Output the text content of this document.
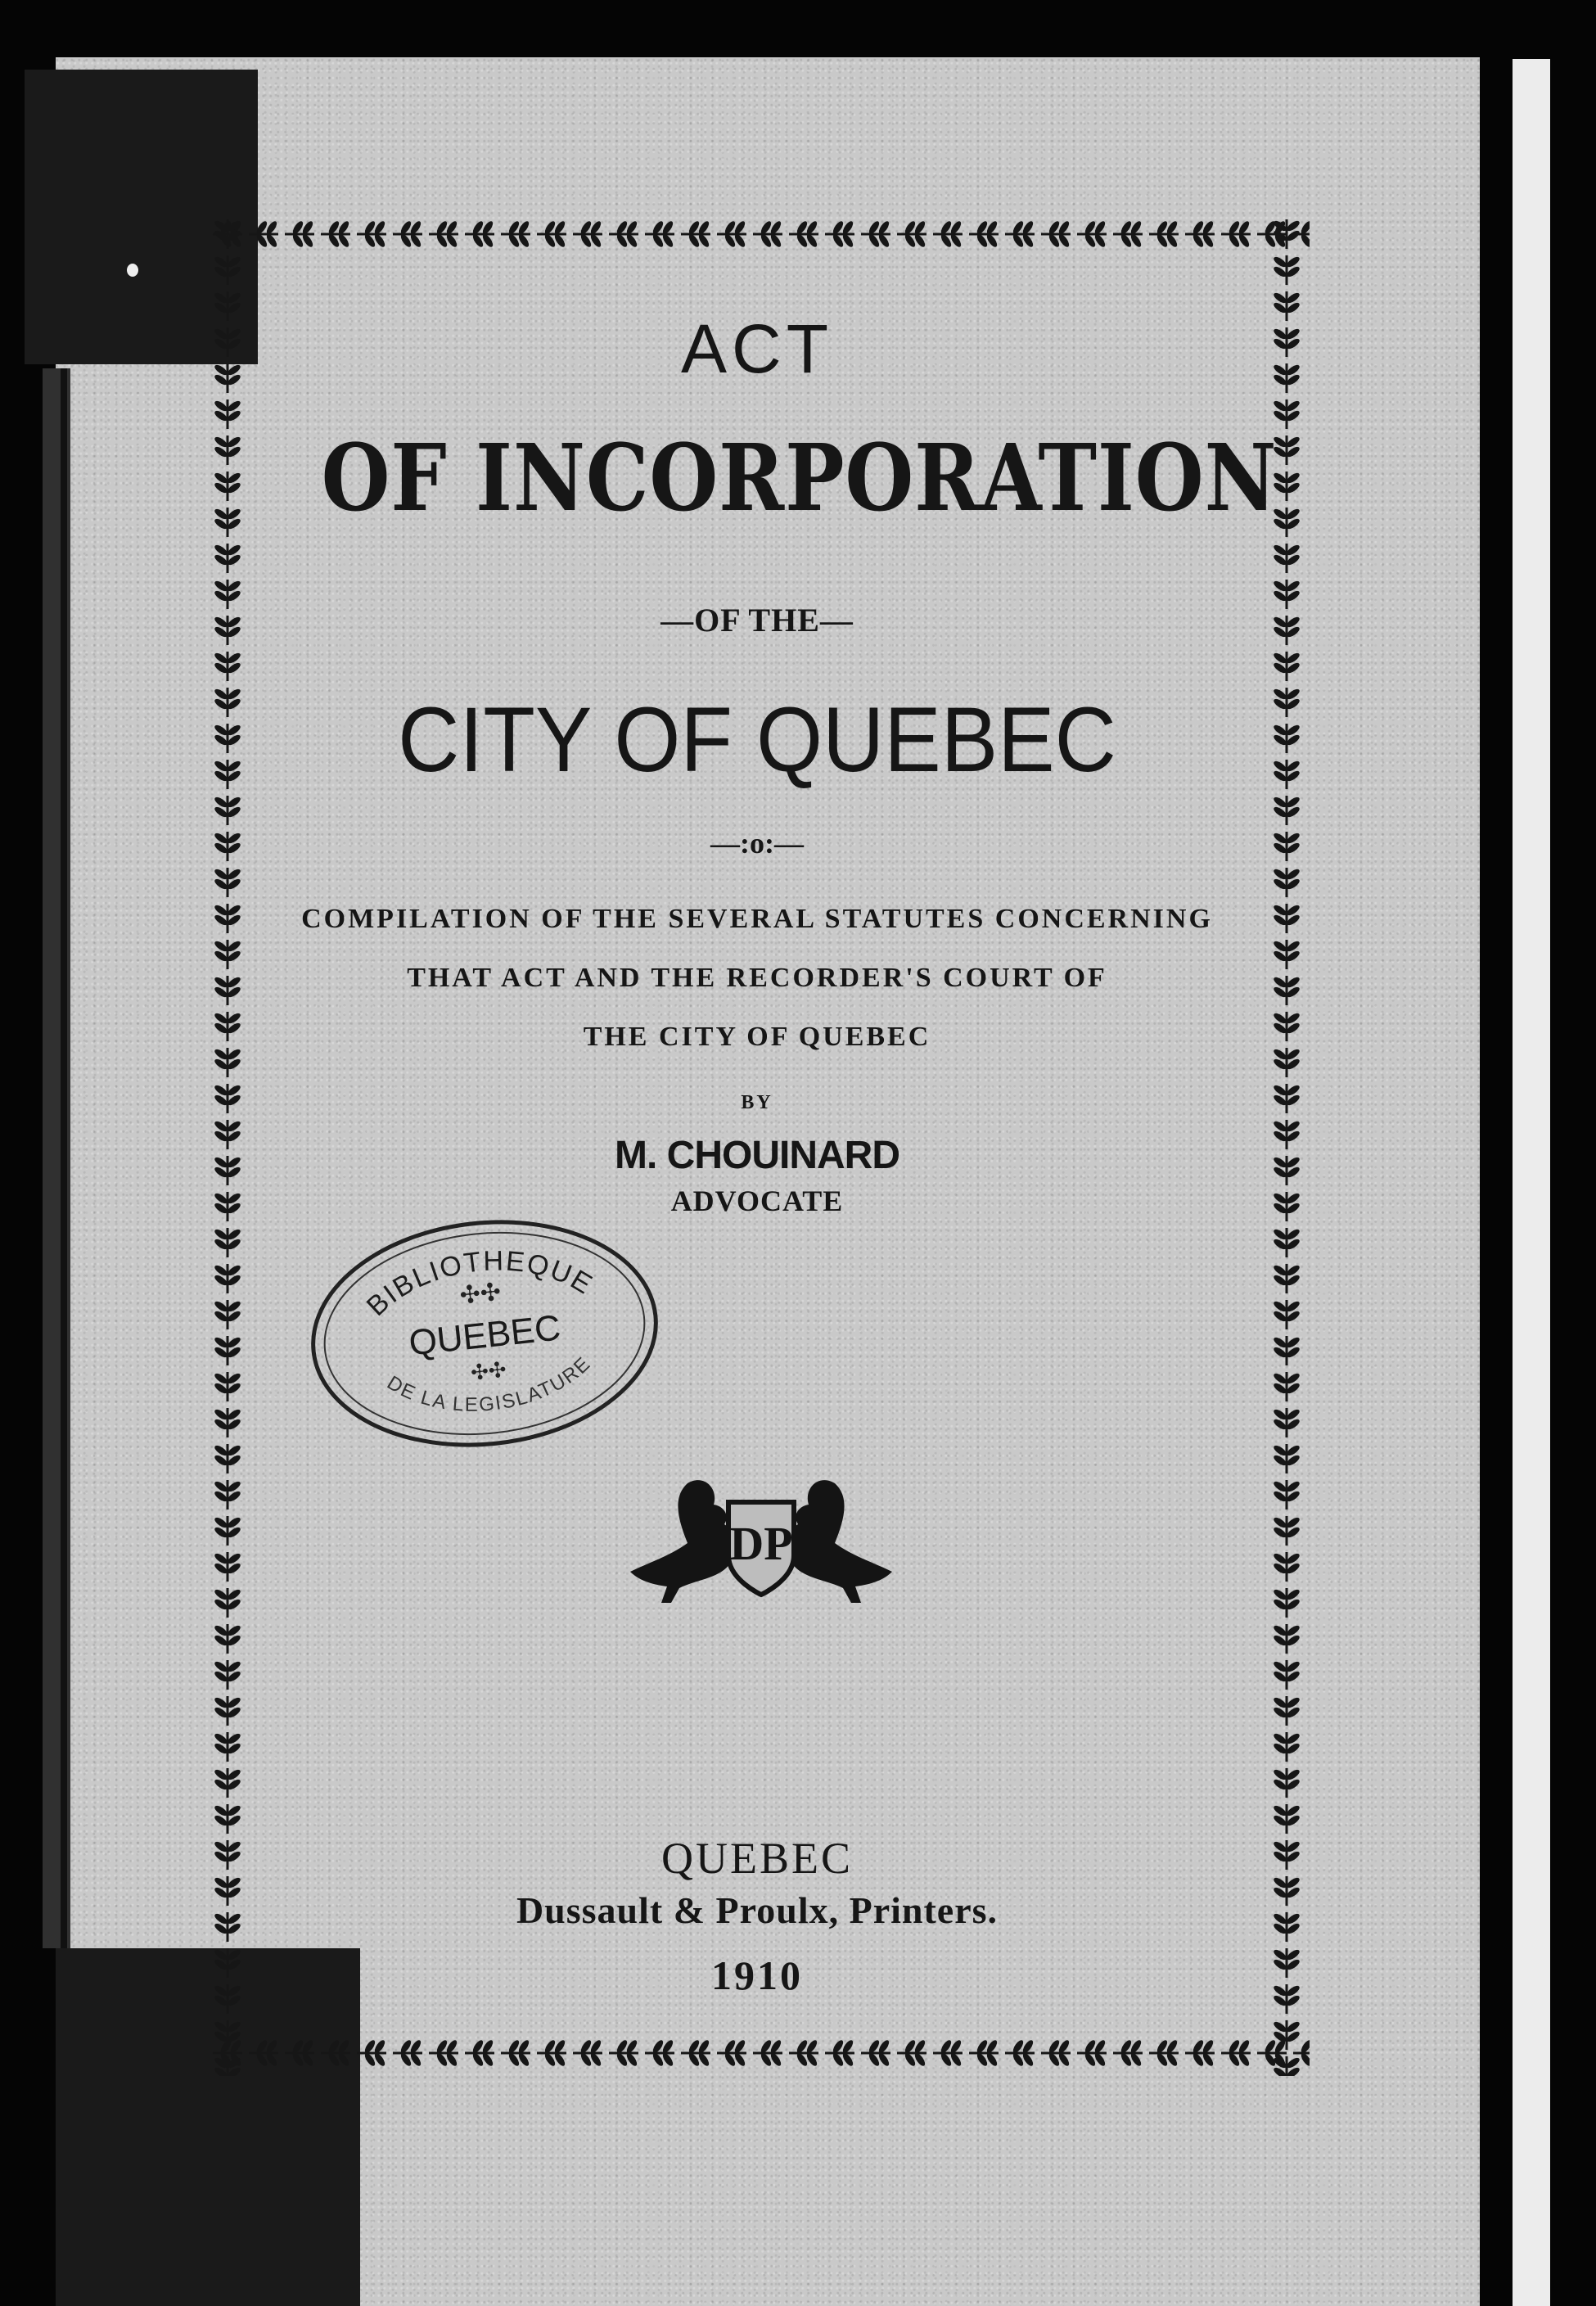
ACT
OF INCORPORATION
—OF THE—
CITY OF QUEBEC
—:o:—
COMPILATION OF THE SEVERAL STATUTES CONCERNING
THAT ACT AND THE RECORDER'S COURT OF
THE CITY OF QUEBEC
BY
M. CHOUINARD
ADVOCATE
QUEBEC
Dussault & Proulx, Printers.
1910
BIBLIOTHEQUE
✣✣
QUEBEC
✣✣
DE LA LEGISLATURE
DP
